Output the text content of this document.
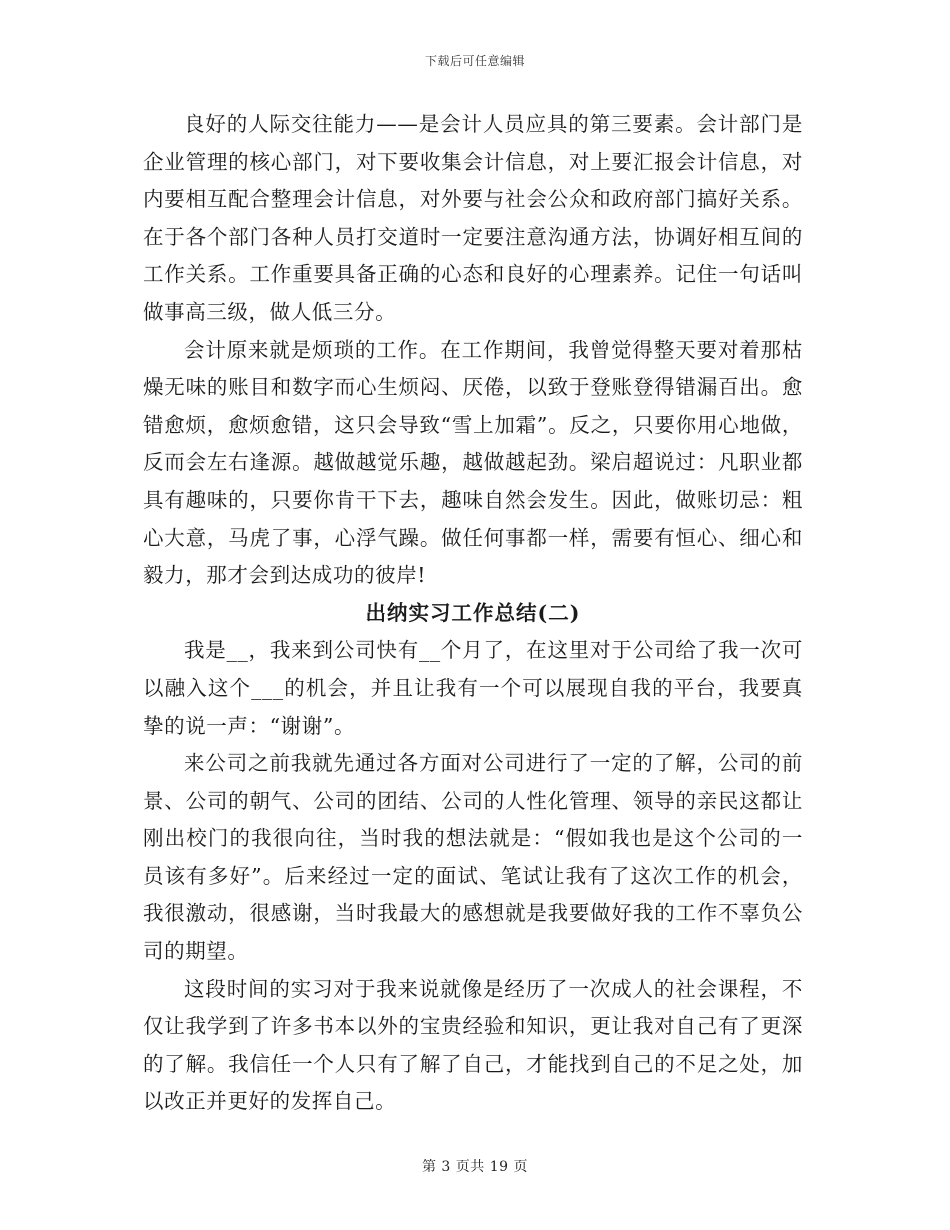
下载后可任意编辑

良好的人际交往能力——是会计人员应具的第三要素。会计部门是企业管理的核心部门，对下要收集会计信息，对上要汇报会计信息，对内要相互配合整理会计信息，对外要与社会公众和政府部门搞好关系。在于各个部门各种人员打交道时一定要注意沟通方法，协调好相互间的工作关系。工作重要具备正确的心态和良好的心理素养。记住一句话叫做事高三级，做人低三分。

会计原来就是烦琐的工作。在工作期间，我曾觉得整天要对着那枯燥无味的账目和数字而心生烦闷、厌倦，以致于登账登得错漏百出。愈错愈烦，愈烦愈错，这只会导致“雪上加霜”。反之，只要你用心地做，反而会左右逢源。越做越觉乐趣，越做越起劲。梁启超说过：凡职业都具有趣味的，只要你肯干下去，趣味自然会发生。因此，做账切忌：粗心大意，马虎了事，心浮气躁。做任何事都一样，需要有恒心、细心和毅力，那才会到达成功的彼岸!

出纳实习工作总结(二)

我是__，我来到公司快有__个月了，在这里对于公司给了我一次可以融入这个___的机会，并且让我有一个可以展现自我的平台，我要真挚的说一声：“谢谢”。

来公司之前我就先通过各方面对公司进行了一定的了解，公司的前景、公司的朝气、公司的团结、公司的人性化管理、领导的亲民这都让刚出校门的我很向往，当时我的想法就是：“假如我也是这个公司的一员该有多好”。后来经过一定的面试、笔试让我有了这次工作的机会，我很激动，很感谢，当时我最大的感想就是我要做好我的工作不辜负公司的期望。

这段时间的实习对于我来说就像是经历了一次成人的社会课程，不仅让我学到了许多书本以外的宝贵经验和知识，更让我对自己有了更深的了解。我信任一个人只有了解了自己，才能找到自己的不足之处，加以改正并更好的发挥自己。

第 3 页共 19 页
